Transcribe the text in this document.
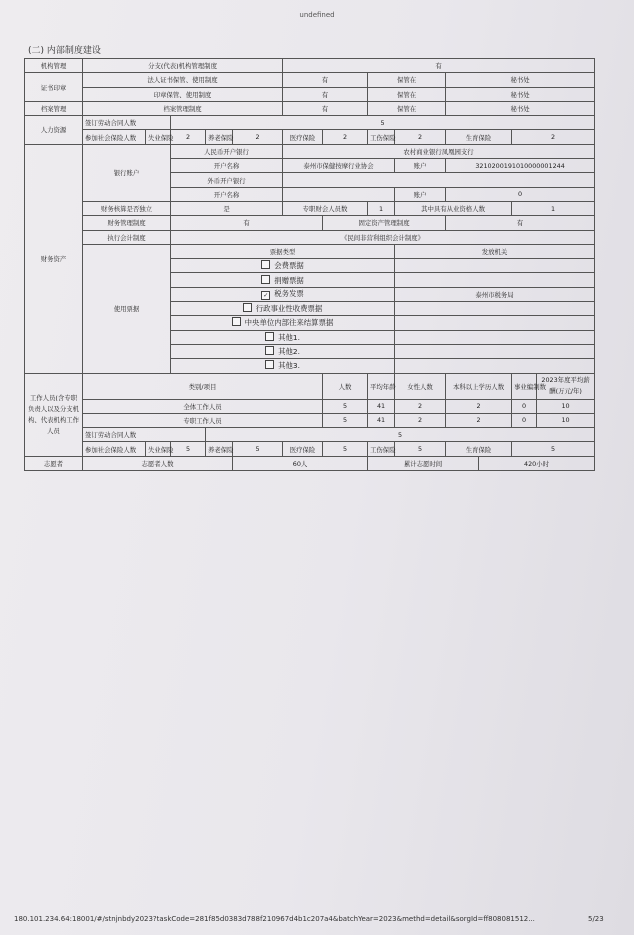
undefined
(二) 内部制度建设
机构管理	分支(代表)机构管理制度					有							
证书印章	法人证书保管、使用制度					有		保管在		秘书处			
	印章保管、使用制度					有		保管在		秘书处			
档案管理	档案管理制度					有		保管在		秘书处			
人力资源	签订劳动合同人数		5										
	参加社会保险人数	失业保险	2	养老保险	2	医疗保险	2	工伤保险	2	生育保险		2	
财务资产	银行账户		人民币开户银行			农村商业银行凤凰园支行							
			开户名称			泰州市保健按摩行业协会			账户	3210200191010000001244			
			外币开户银行										
			开户名称						账户	0			
	财务核算是否独立		是			专职财会人员数		1	其中具有从业资格人数			1	
	财务管理制度		有				固定资产管理制度			有			
	执行会计制度		《民间非营利组织会计制度》										
	使用票据		票据类型						发放机关				
			会费票据										
			捐赠票据										
			✓ 税务发票						泰州市税务局				
			行政事业性收费票据										
			中央单位内部往来结算票据										
			其他1.										
			其他2.										
			其他3.										
工作人员(含专职负责人以及分支机构、代表机构工作人员	类别/项目						人数	平均年龄	女性人数	本科以上学历人数		事业编制数	2023年度平均薪酬(万元/年)
	全体工作人员						5	41	2	2		0	10
	专职工作人员						5	41	2	2		0	10
	签订劳动合同人数			5									
	参加社会保险人数	失业保险	5	养老保险	5	医疗保险	5	工伤保险	5	生育保险		5	
志愿者	志愿者人数				60人			累计志愿时间			420小时		
180.101.234.64:18001/#/stnjnbdy2023?taskCode=281f85d0383d788f210967d4b1c207a4&batchYear=2023&methd=detail&sorgId=ff808081512...	5/23
